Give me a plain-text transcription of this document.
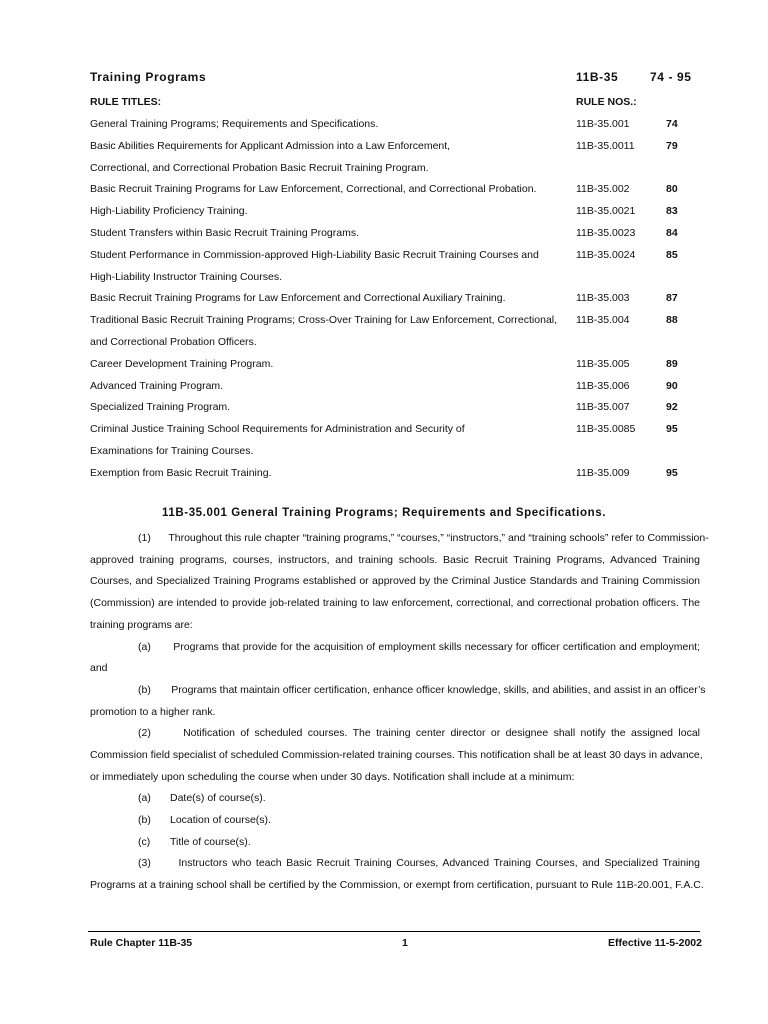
Training Programs	11B-35	74 - 95
RULE TITLES:	RULE NOS.:
General Training Programs; Requirements and Specifications.	11B-35.001	74
Basic Abilities Requirements for Applicant Admission into a Law Enforcement,
Correctional, and Correctional Probation Basic Recruit Training Program.
11B-35.0011	79
Basic Recruit Training Programs for Law Enforcement, Correctional, and Correctional Probation.	11B-35.002	80
High-Liability Proficiency Training.	11B-35.0021	83
Student Transfers within Basic Recruit Training Programs.	11B-35.0023	84
Student Performance in Commission-approved High-Liability Basic Recruit Training Courses and
High-Liability Instructor Training Courses.
11B-35.0024	85
Basic Recruit Training Programs for Law Enforcement and Correctional Auxiliary Training.	11B-35.003	87
Traditional Basic Recruit Training Programs; Cross-Over Training for Law Enforcement, Correctional,
and Correctional Probation Officers.
11B-35.004	88
Career Development Training Program.	11B-35.005	89
Advanced Training Program.	11B-35.006	90
Specialized Training Program.	11B-35.007	92
Criminal Justice Training School Requirements for Administration and Security of
Examinations for Training Courses.
11B-35.0085	95
Exemption from Basic Recruit Training.	11B-35.009	95
11B-35.001 General Training Programs; Requirements and Specifications.
(1)      Throughout this rule chapter “training programs,” “courses,” “instructors,” and “training schools” refer to Commission-
approved training programs, courses, instructors, and training schools. Basic Recruit Training Programs, Advanced Training
Courses, and Specialized Training Programs established or approved by the Criminal Justice Standards and Training Commission
(Commission) are intended to provide job-related training to law enforcement, correctional, and correctional probation officers. The
training programs are:
(a)       Programs that provide for the acquisition of employment skills necessary for officer certification and employment;
and
(b)       Programs that maintain officer certification, enhance officer knowledge, skills, and abilities, and assist in an officer’s
promotion to a higher rank.
(2)      Notification of scheduled courses. The training center director or designee shall notify the assigned local
Commission field specialist of scheduled Commission-related training courses. This notification shall be at least 30 days in advance,
or immediately upon scheduling the course when under 30 days. Notification shall include at a minimum:
(a) Date(s) of course(s).
(b) Location of course(s).
(c) Title of course(s).
(3)      Instructors who teach Basic Recruit Training Courses, Advanced Training Courses, and Specialized Training
Programs at a training school shall be certified by the Commission, or exempt from certification, pursuant to Rule 11B-20.001, F.A.C.
Rule Chapter 11B-35	1	Effective 11-5-2002
